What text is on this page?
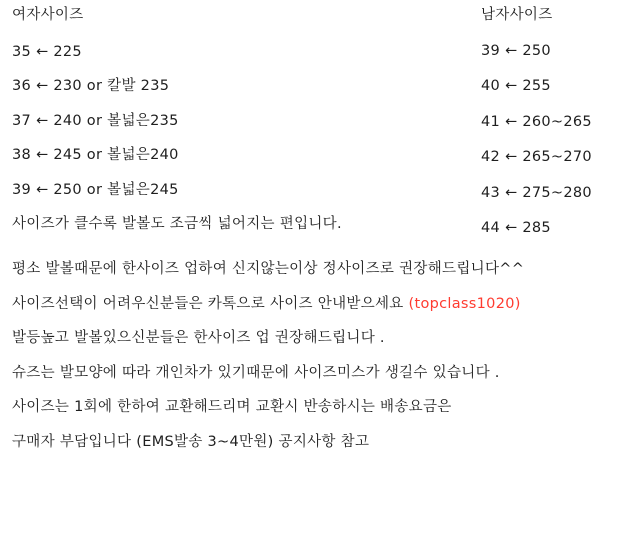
여자사이즈
35 ← 225
36 ← 230 or 칼발 235
37 ← 240 or 볼넓은235
38 ← 245 or 볼넓은240
39 ← 250 or 볼넓은245
사이즈가 클수록 발볼도 조금씩 넓어지는 편입니다.
남자사이즈
39 ← 250
40 ← 255
41 ← 260~265
42 ← 265~270
43 ← 275~280
44 ← 285
평소 발볼때문에 한사이즈 업하여 신지않는이상 정사이즈로 권장해드립니다^^
사이즈선택이 어려우신분들은 카톡으로 사이즈 안내받으세요 (topclass1020)
발등높고 발볼있으신분들은 한사이즈 업 권장해드립니다 .
슈즈는 발모양에 따라 개인차가 있기때문에 사이즈미스가 생길수 있습니다 .
사이즈는 1회에 한하여 교환해드리며 교환시 반송하시는 배송요금은
구매자 부담입니다 (EMS발송 3~4만원) 공지사항 참고
